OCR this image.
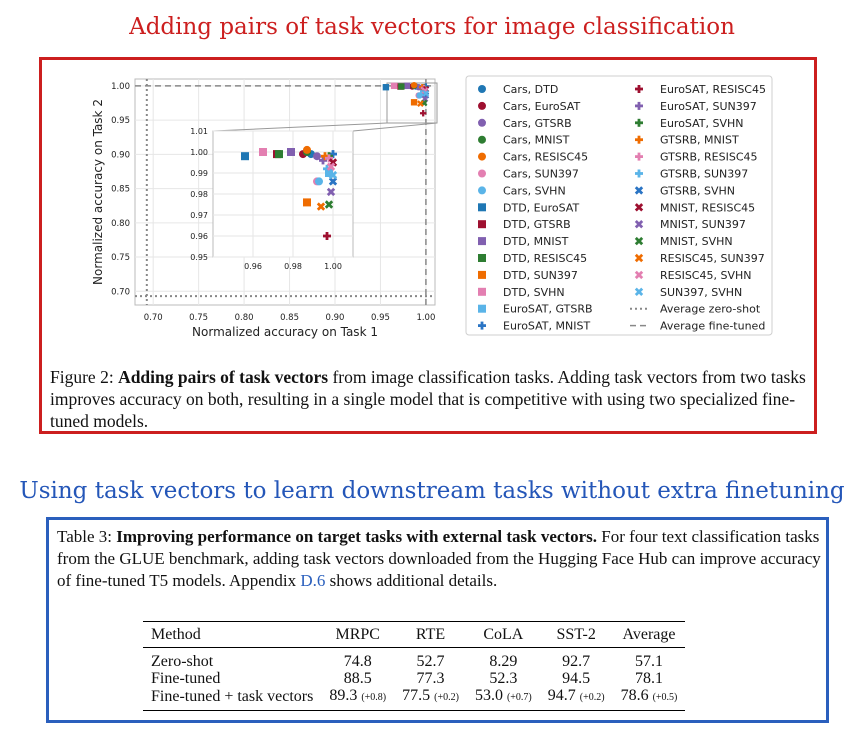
Adding pairs of task vectors for image classification
0.70	0.75	0.80	0.85	0.90	0.95	1.00
0.70
0.75
0.80
0.85
0.90
0.95
1.00
Normalized accuracy on Task 1
Normalized accuracy on Task 2	0.96	0.98	1.00
0.95
0.96
0.97
0.98
0.99
1.00
1.01
Cars, DTD
Cars, EuroSAT
Cars, GTSRB
Cars, MNIST
Cars, RESISC45
Cars, SUN397
Cars, SVHN
DTD, EuroSAT
DTD, GTSRB
DTD, MNIST
DTD, RESISC45
DTD, SUN397
DTD, SVHN
EuroSAT, GTSRB
EuroSAT, MNIST
EuroSAT, RESISC45
EuroSAT, SUN397
EuroSAT, SVHN
GTSRB, MNIST
GTSRB, RESISC45
GTSRB, SUN397
GTSRB, SVHN
MNIST, RESISC45
MNIST, SUN397
MNIST, SVHN
RESISC45, SUN397
RESISC45, SVHN
SUN397, SVHN
Average zero-shot
Average fine-tuned
Figure 2: Adding pairs of task vectors from image classification tasks. Adding task vectors from two tasks improves accuracy on both, resulting in a single model that is competitive with using two specialized fine-tuned models.
Using task vectors to learn downstream tasks without extra finetuning
Table 3: Improving performance on target tasks with external task vectors. For four text classification tasks from the GLUE benchmark, adding task vectors downloaded from the Hugging Face Hub can improve accuracy of fine-tuned T5 models. Appendix D.6 shows additional details.
Method	MRPC	RTE	CoLA	SST-2	Average
Zero-shot	74.8	52.7	8.29	92.7	57.1
Fine-tuned	88.5	77.3	52.3	94.5	78.1
Fine-tuned + task vectors	89.3 (+0.8)	77.5 (+0.2)	53.0 (+0.7)	94.7 (+0.2)	78.6 (+0.5)
